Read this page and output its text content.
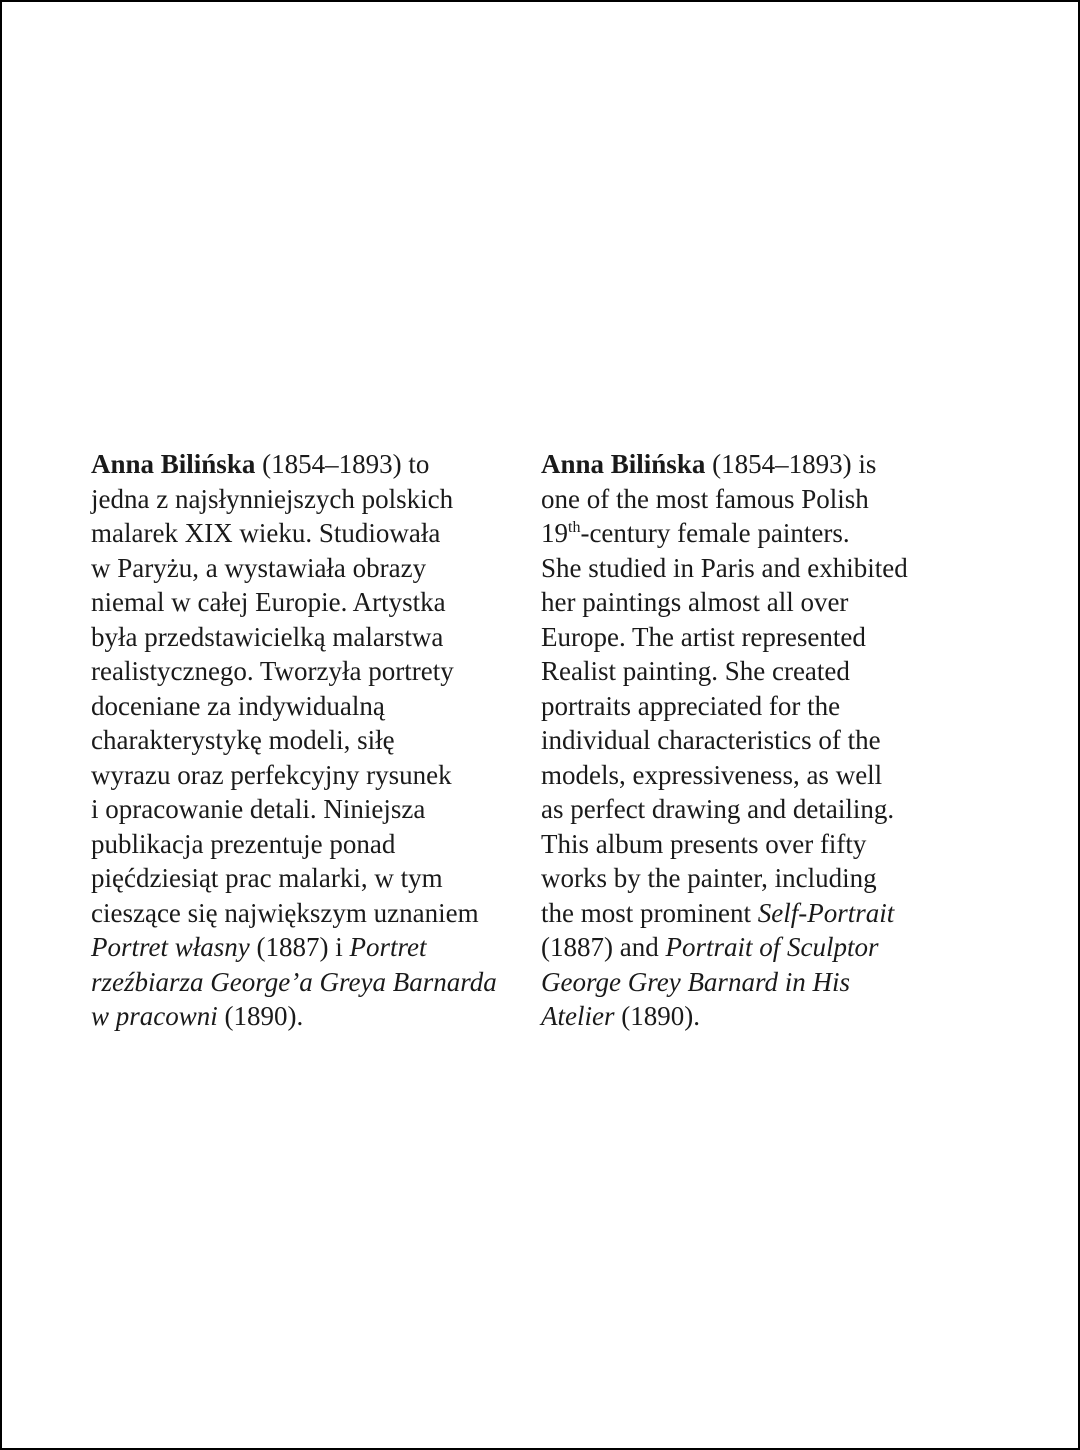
Anna Bilińska (1854–1893) to
jedna z najsłynniejszych polskich
malarek XIX wieku. Studiowała
w Paryżu, a wystawiała obrazy
niemal w całej Europie. Artystka
była przedstawicielką malarstwa
realistycznego. Tworzyła portrety
doceniane za indywidualną
charakterystykę modeli, siłę
wyrazu oraz perfekcyjny rysunek
i opracowanie detali. Niniejsza
publikacja prezentuje ponad
pięćdziesiąt prac malarki, w tym
cieszące się największym uznaniem
Portret własny (1887) i Portret
rzeźbiarza George’a Greya Barnarda
w pracowni (1890).
Anna Bilińska (1854–1893) is
one of the most famous Polish
19th-century female painters.
She studied in Paris and exhibited
her paintings almost all over
Europe. The artist represented
Realist painting. She created
portraits appreciated for the
individual characteristics of the
models, expressiveness, as well
as perfect drawing and detailing.
This album presents over fifty
works by the painter, including
the most prominent Self-Portrait
(1887) and Portrait of Sculptor
George Grey Barnard in His
Atelier (1890).
